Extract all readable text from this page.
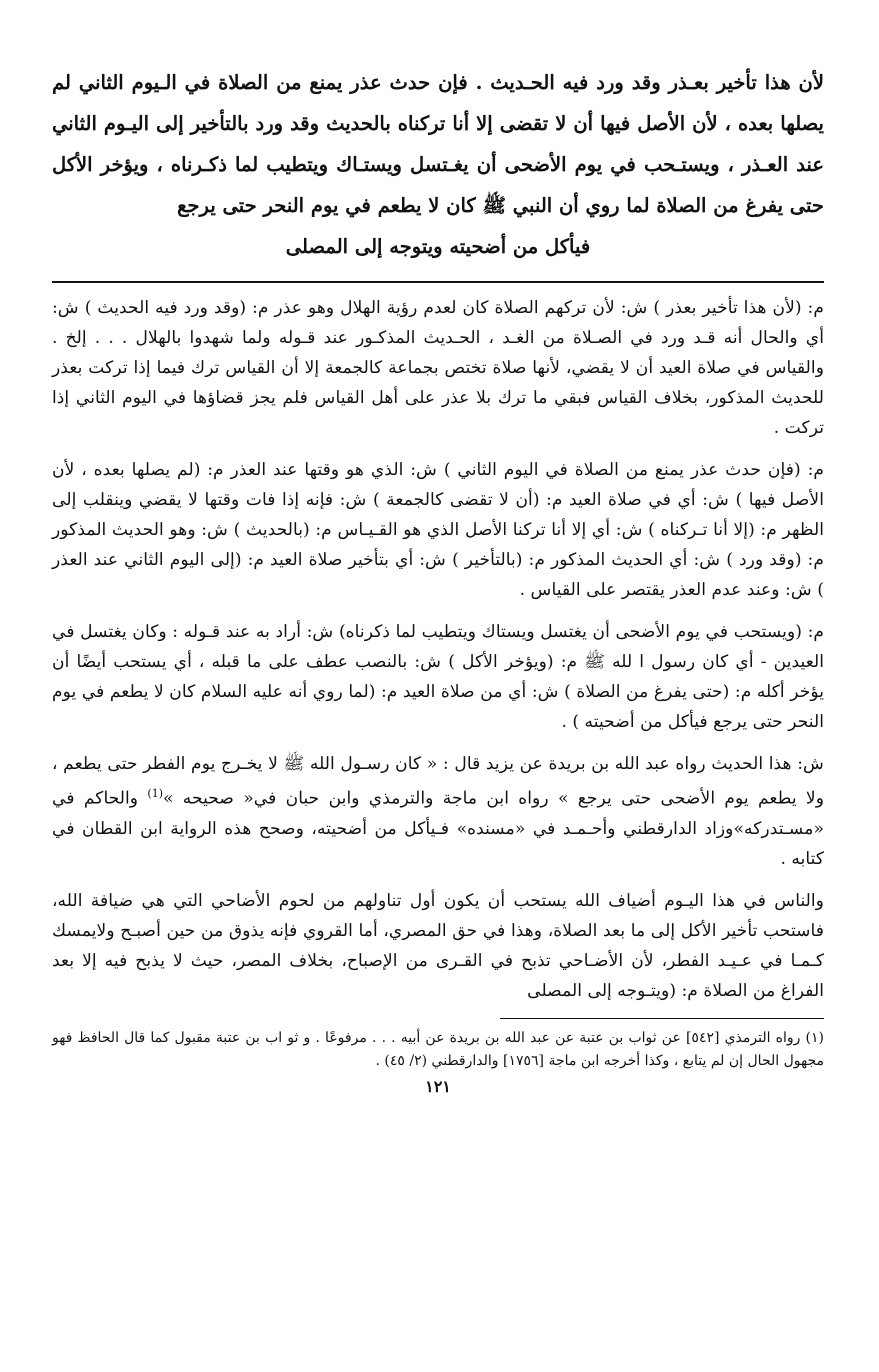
لأن هذا تأخير بعـذر وقد ورد فيه الحـديث . فإن حدث عذر يمنع من الصلاة في الـيوم الثاني لم يصلها بعده ، لأن الأصل فيها أن لا تقضى إلا أنا تركناه بالحديث وقد ورد بالتأخير إلى اليـوم الثاني عند العـذر ، ويستـحب في يوم الأضحى أن يغـتسل ويستـاك ويتطيب لما ذكـرناه ، ويؤخر الأكل حتى يفرغ من الصلاة لما روي أن النبي ﷺ كان لا يطعم في يوم النحر حتى يرجع
فيأكل من أضحيته ويتوجه إلى المصلى

م: (لأن هذا تأخير بعذر ) ش: لأن تركهم الصلاة كان لعدم رؤية الهلال وهو عذر م: (وقد ورد فيه الحديث ) ش: أي والحال أنه قـد ورد في الصـلاة من الغـد ، الحـديث المذكـور عند قـوله ولما شهدوا بالهلال . . . إلخ . والقياس في صلاة العيد أن لا يقضي، لأنها صلاة تختص بجماعة كالجمعة إلا أن القياس ترك فيما إذا تركت بعذر للحديث المذكور، بخلاف القياس فبقي ما ترك بلا عذر على أهل القياس فلم يجز قضاؤها في اليوم الثاني إذا تركت .

م: (فإن حدث عذر يمنع من الصلاة في اليوم الثاني ) ش: الذي هو وقتها عند العذر م: (لم يصلها بعده ، لأن الأصل فيها ) ش: أي في صلاة العيد م: (أن لا تقضى كالجمعة ) ش: فإنه إذا فات وقتها لا يقضي وينقلب إلى الظهر م: (إلا أنا تـركناه ) ش: أي إلا أنا تركنا الأصل الذي هو القـيـاس م: (بالحديث ) ش: وهو الحديث المذكور م: (وقد ورد ) ش: أي الحديث المذكور م: (بالتأخير ) ش: أي بتأخير صلاة العيد م: (إلى اليوم الثاني عند العذر ) ش: وعند عدم العذر يقتصر على القياس .

م: (ويستحب في يوم الأضحى أن يغتسل ويستاك ويتطيب لما ذكرناه) ش: أراد به عند قـوله : وكان يغتسل في العيدين - أي كان رسول ا لله ﷺ م: (ويؤخر الأكل ) ش: بالنصب عطف على ما قبله ، أي يستحب أيضًا أن يؤخر أكله م: (حتى يفرغ من الصلاة ) ش: أي من صلاة العيد م: (لما روي أنه عليه السلام كان لا يطعم في يوم النحر حتى يرجع فيأكل من أضحيته ) .

ش: هذا الحديث رواه عبد الله بن بريدة عن يزيد قال : « كان رسـول الله ﷺ لا يخـرج يوم الفطر حتى يطعم ، ولا يطعم يوم الأضحى حتى يرجع » رواه ابن ماجة والترمذي وابن حبان في« صحيحه »$^{(1)}$ والحاكم في «مسـتدركه»وزاد الدارقطني وأحـمـد في «مسنده» فـيأكل من أضحيته، وصحح هذه الرواية ابن القطان في كتابه .

والناس في هذا اليـوم أضياف الله يستحب أن يكون أول تناولهم من لحوم الأضاحي التي هي ضيافة الله، فاستحب تأخير الأكل إلى ما بعد الصلاة، وهذا في حق المصري، أما القروي فإنه يذوق من حين أصبـح ولايمسك كـمـا في عـيـد الفطر، لأن الأضـاحي تذبح في القـرى من الإصباح، بخلاف المصر، حيث لا يذبح فيه إلا بعد الفراغ من الصلاة م: (ويتـوجه إلى المصلى

(١) رواه الترمذي [٥٤٢] عن ثواب بن عتبة عن عبد الله بن بريدة عن أبيه . . . مرفوعًا . و ثو اب بن عتبة مقبول كما قال الحافظ فهو مجهول الحال إن لم يتابع ، وكذا أخرجه ابن ماجة [١٧٥٦] والدارقطني (٢/ ٤٥) .

١٢١
